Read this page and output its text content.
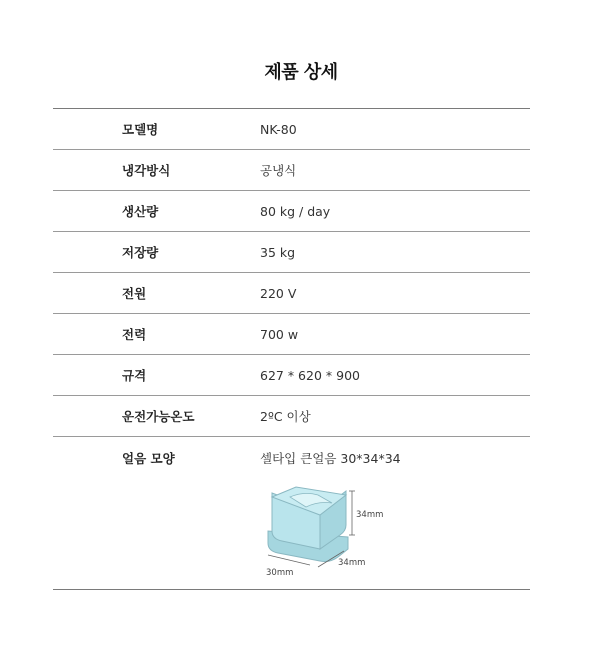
제품 상세
모델명	NK-80
냉각방식	공냉식
생산량	80 kg / day
저장량	35 kg
전원	220 V
전력	700 w
규격	627 * 620 * 900
운전가능온도	2ºC 이상
얼음 모양	셀타입 큰얼음 30*34*34
34mm
30mm
34mm
